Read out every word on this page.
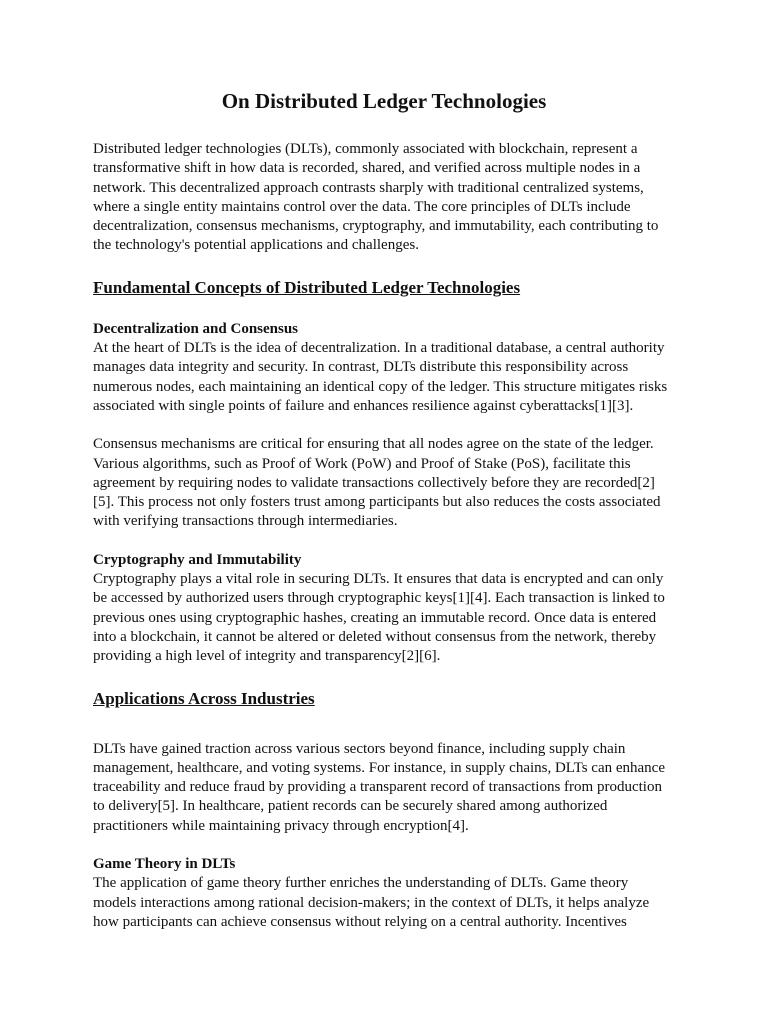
On Distributed Ledger Technologies

Distributed ledger technologies (DLTs), commonly associated with blockchain, represent a transformative shift in how data is recorded, shared, and verified across multiple nodes in a network. This decentralized approach contrasts sharply with traditional centralized systems, where a single entity maintains control over the data. The core principles of DLTs include decentralization, consensus mechanisms, cryptography, and immutability, each contributing to the technology's potential applications and challenges.

Fundamental Concepts of Distributed Ledger Technologies
Decentralization and Consensus

At the heart of DLTs is the idea of decentralization. In a traditional database, a central authority manages data integrity and security. In contrast, DLTs distribute this responsibility across numerous nodes, each maintaining an identical copy of the ledger. This structure mitigates risks associated with single points of failure and enhances resilience against cyberattacks[1][3].

Consensus mechanisms are critical for ensuring that all nodes agree on the state of the ledger. Various algorithms, such as Proof of Work (PoW) and Proof of Stake (PoS), facilitate this agreement by requiring nodes to validate transactions collectively before they are recorded[2][5]. This process not only fosters trust among participants but also reduces the costs associated with verifying transactions through intermediaries.

Cryptography and Immutability

Cryptography plays a vital role in securing DLTs. It ensures that data is encrypted and can only be accessed by authorized users through cryptographic keys[1][4]. Each transaction is linked to previous ones using cryptographic hashes, creating an immutable record. Once data is entered into a blockchain, it cannot be altered or deleted without consensus from the network, thereby providing a high level of integrity and transparency[2][6].

Applications Across Industries

DLTs have gained traction across various sectors beyond finance, including supply chain management, healthcare, and voting systems. For instance, in supply chains, DLTs can enhance traceability and reduce fraud by providing a transparent record of transactions from production to delivery[5]. In healthcare, patient records can be securely shared among authorized practitioners while maintaining privacy through encryption[4].

Game Theory in DLTs

The application of game theory further enriches the understanding of DLTs. Game theory models interactions among rational decision-makers; in the context of DLTs, it helps analyze how participants can achieve consensus without relying on a central authority. Incentives
